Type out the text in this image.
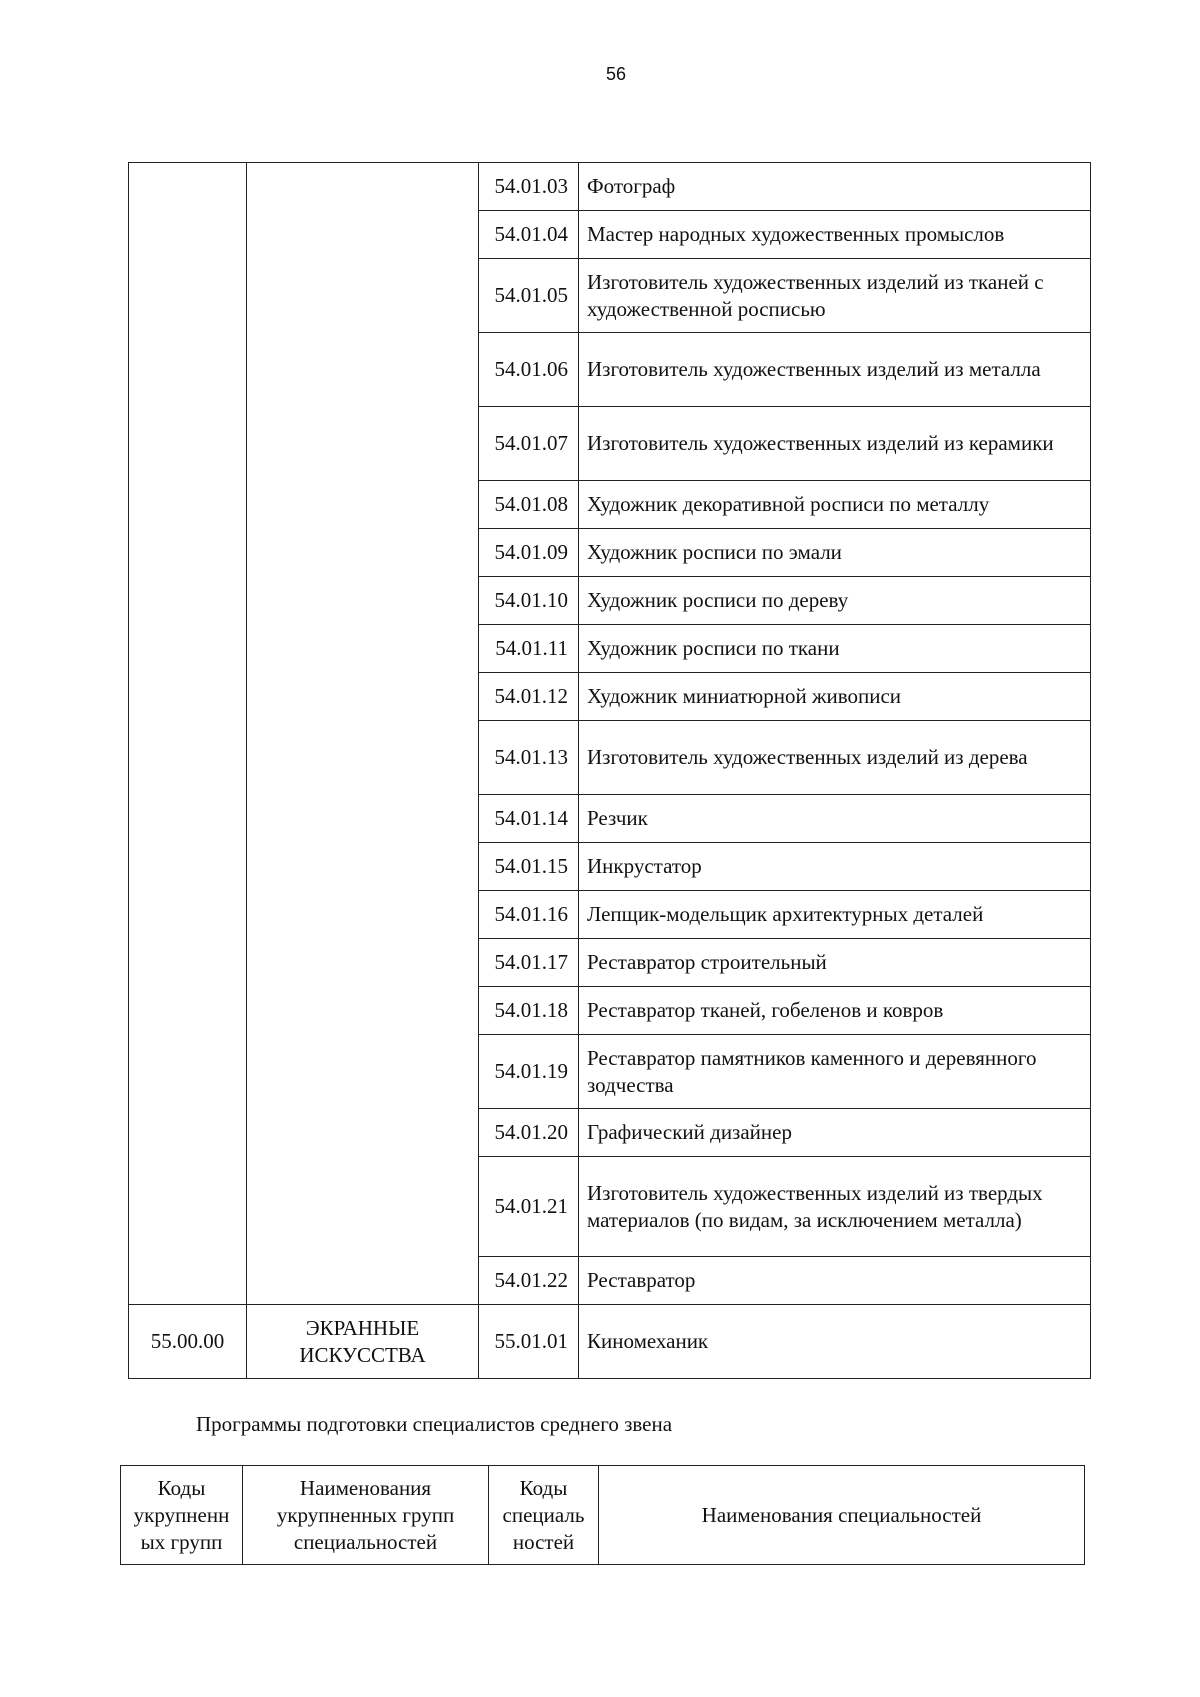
56
		54.01.03	Фотограф
		54.01.04	Мастер народных художественных промыслов
		54.01.05	Изготовитель художественных изделий из тканей с художественной росписью
		54.01.06	Изготовитель художественных изделий из металла
		54.01.07	Изготовитель художественных изделий из керамики
		54.01.08	Художник декоративной росписи по металлу
		54.01.09	Художник росписи по эмали
		54.01.10	Художник росписи по дереву
		54.01.11	Художник росписи по ткани
		54.01.12	Художник миниатюрной живописи
		54.01.13	Изготовитель художественных изделий из дерева
		54.01.14	Резчик
		54.01.15	Инкрустатор
		54.01.16	Лепщик-модельщик архитектурных деталей
		54.01.17	Реставратор строительный
		54.01.18	Реставратор тканей, гобеленов и ковров
		54.01.19	Реставратор памятников каменного и деревянного зодчества
		54.01.20	Графический дизайнер
		54.01.21	Изготовитель художественных изделий из твердых материалов (по видам, за исключением металла)
		54.01.22	Реставратор
55.00.00	ЭКРАННЫЕ ИСКУССТВА	55.01.01	Киномеханик
Программы подготовки специалистов среднего звена
Коды укрупненн ых групп	Наименования укрупненных групп специальностей	Коды специаль ностей	Наименования специальностей
